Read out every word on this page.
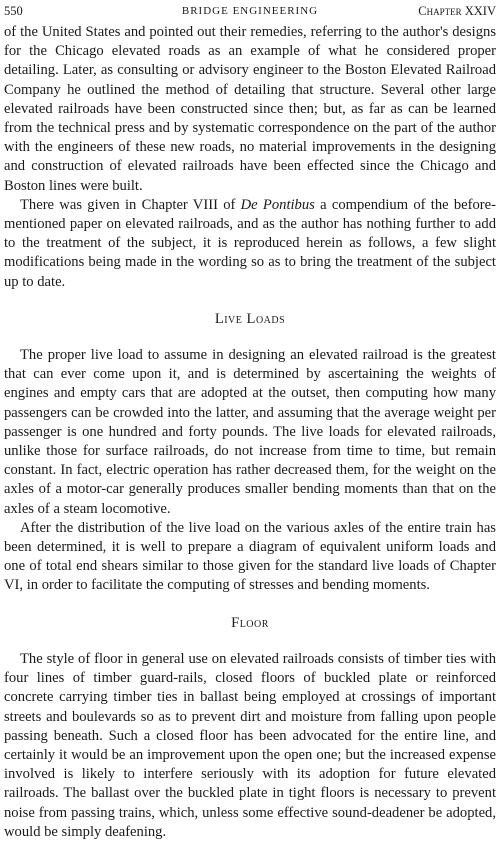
550	BRIDGE ENGINEERING	Chapter XXIV

of the United States and pointed out their remedies, referring to the author's designs for the Chicago elevated roads as an example of what he considered proper detailing. Later, as consulting or advisory engineer to the Boston Elevated Railroad Company he outlined the method of detailing that structure. Several other large elevated railroads have been constructed since then; but, as far as can be learned from the technical press and by systematic correspondence on the part of the author with the engineers of these new roads, no material improvements in the designing and construction of elevated railroads have been effected since the Chicago and Boston lines were built.

There was given in Chapter VIII of De Pontibus a compendium of the before-mentioned paper on elevated railroads, and as the author has nothing further to add to the treatment of the subject, it is reproduced herein as follows, a few slight modifications being made in the wording so as to bring the treatment of the subject up to date.

Live Loads

The proper live load to assume in designing an elevated railroad is the greatest that can ever come upon it, and is determined by ascertaining the weights of engines and empty cars that are adopted at the outset, then computing how many passengers can be crowded into the latter, and assuming that the average weight per passenger is one hundred and forty pounds. The live loads for elevated railroads, unlike those for surface railroads, do not increase from time to time, but remain constant. In fact, electric operation has rather decreased them, for the weight on the axles of a motor-car generally produces smaller bending moments than that on the axles of a steam locomotive.

After the distribution of the live load on the various axles of the entire train has been determined, it is well to prepare a diagram of equivalent uniform loads and one of total end shears similar to those given for the standard live loads of Chapter VI, in order to facilitate the computing of stresses and bending moments.

Floor

The style of floor in general use on elevated railroads consists of timber ties with four lines of timber guard-rails, closed floors of buckled plate or reinforced concrete carrying timber ties in ballast being employed at crossings of important streets and boulevards so as to prevent dirt and moisture from falling upon people passing beneath. Such a closed floor has been advocated for the entire line, and certainly it would be an improvement upon the open one; but the increased expense involved is likely to interfere seriously with its adoption for future elevated railroads. The ballast over the buckled plate in tight floors is necessary to prevent noise from passing trains, which, unless some effective sound-deadener be adopted, would be simply deafening.
